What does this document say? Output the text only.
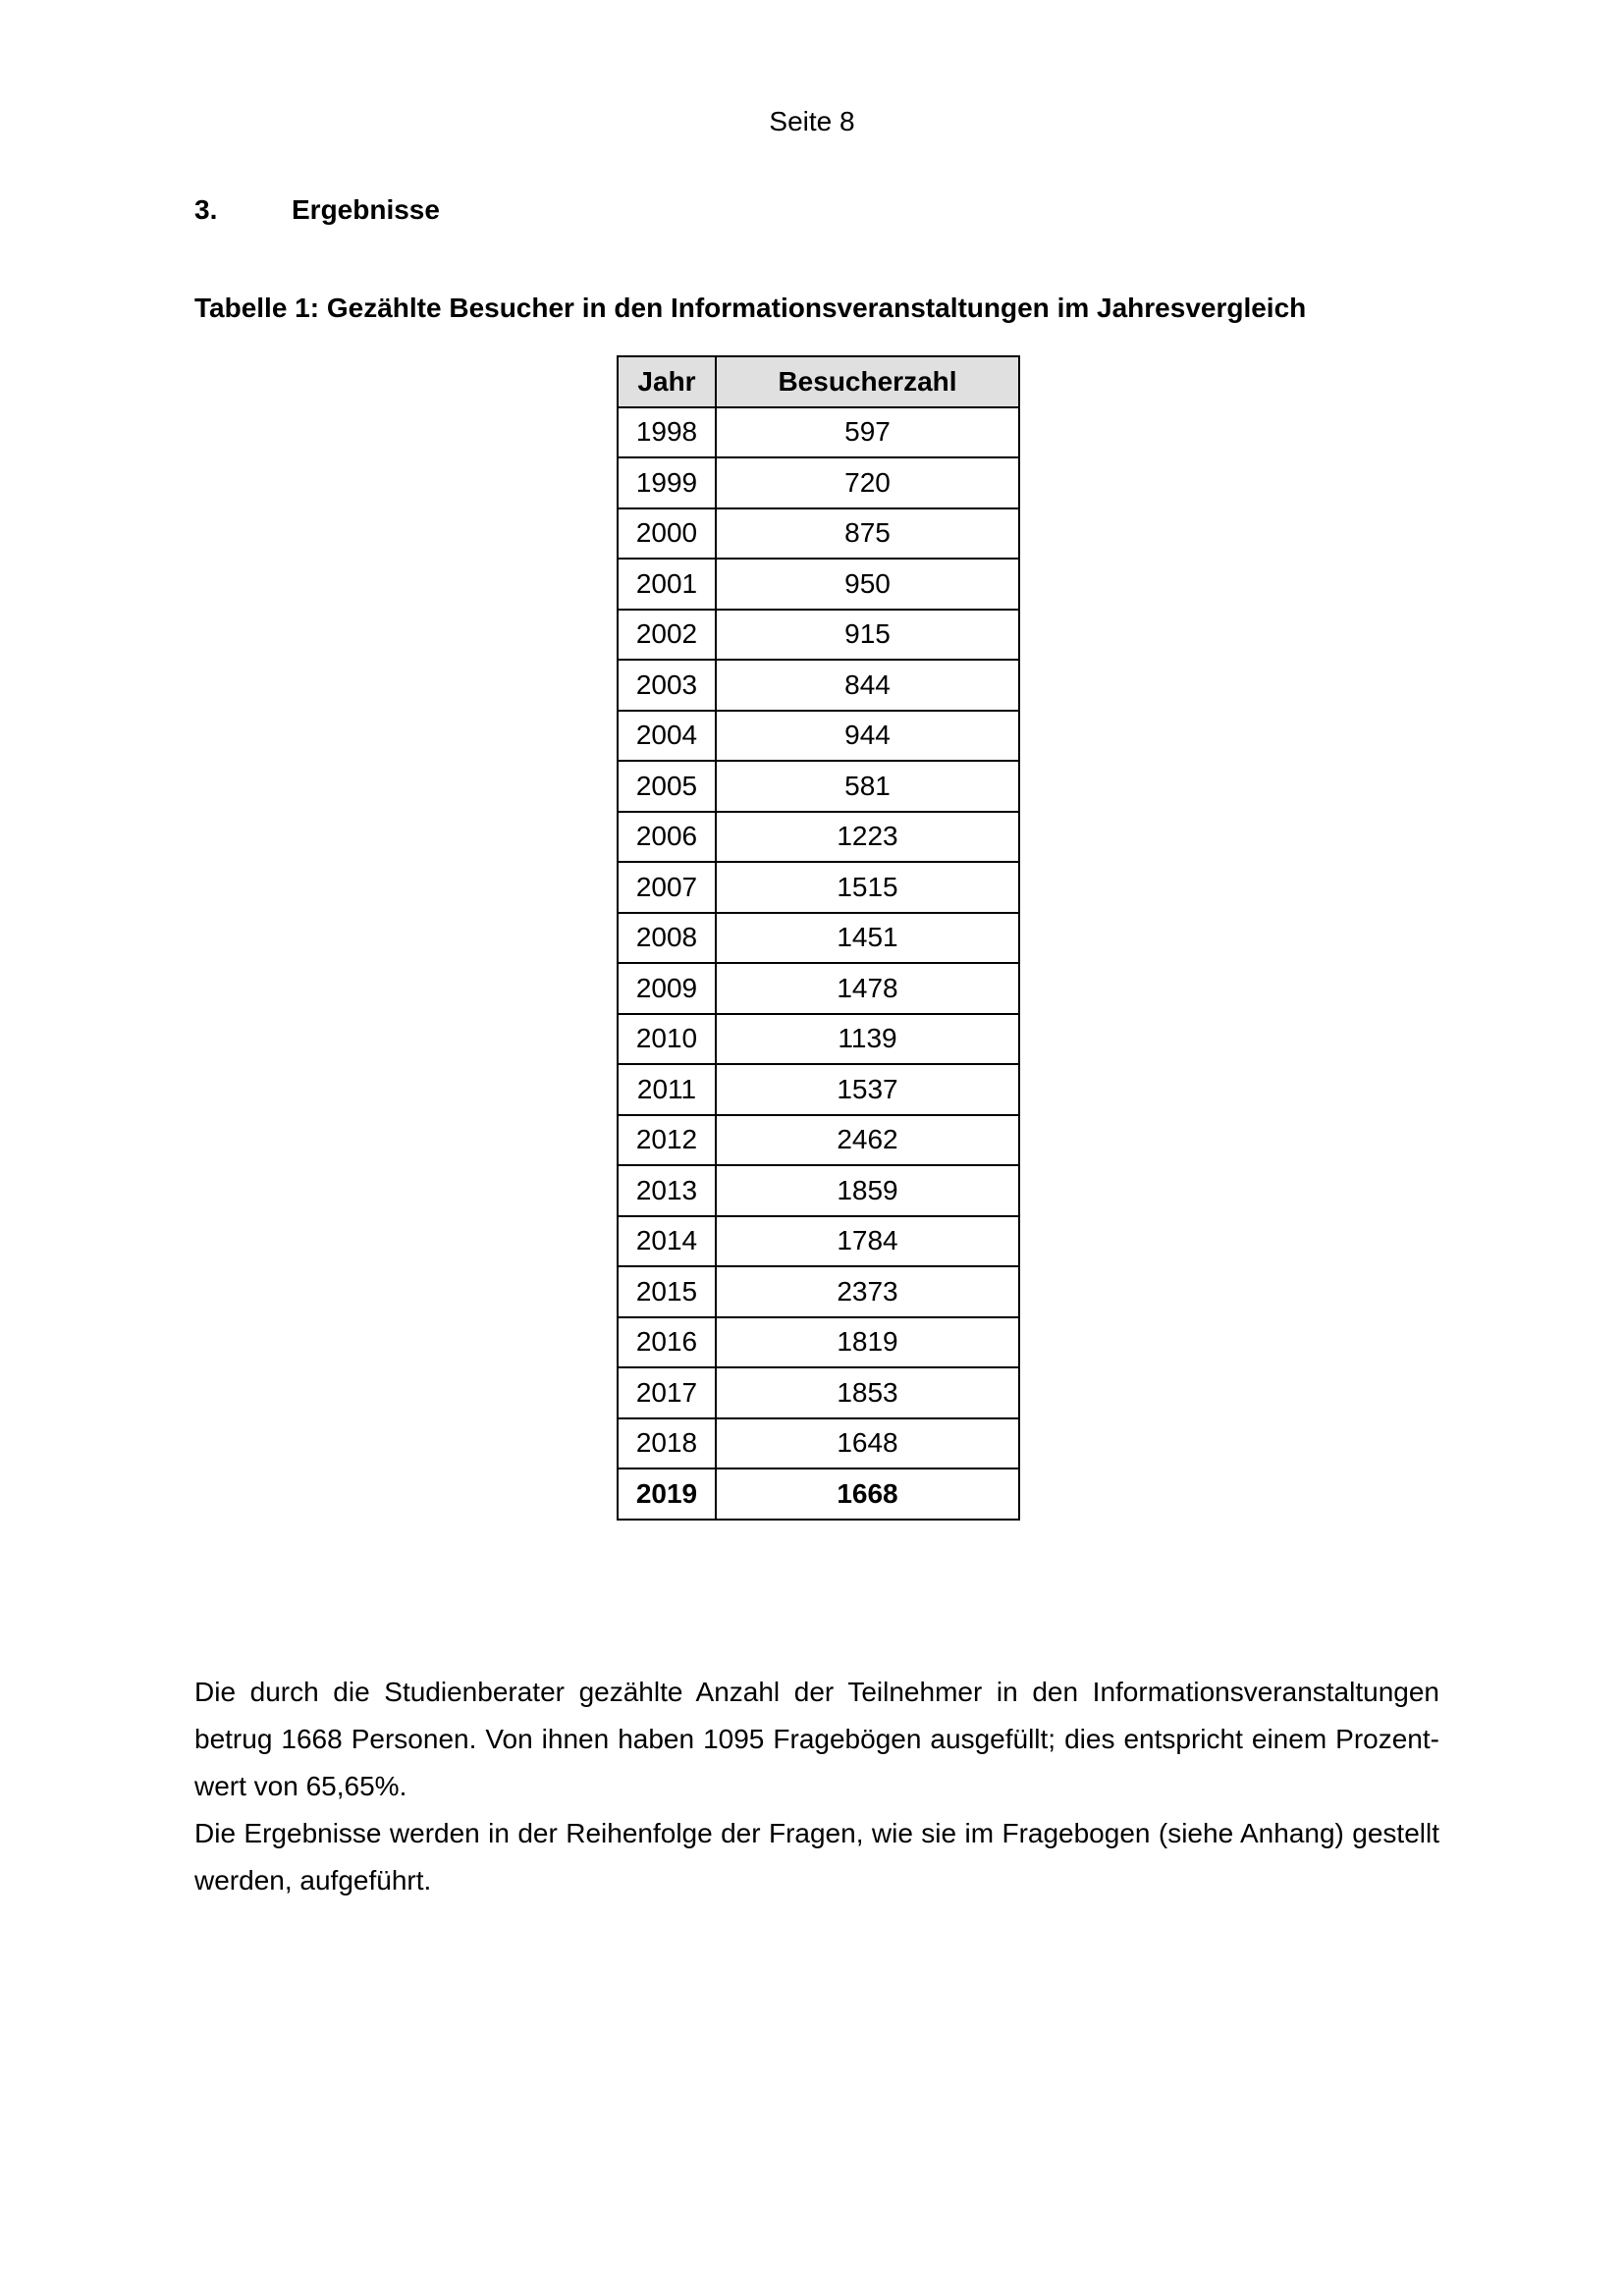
Seite 8
3.	Ergebnisse
Tabelle 1: Gezählte Besucher in den Informationsveranstaltungen im Jahresvergleich
Jahr	Besucherzahl
1998	597
1999	720
2000	875
2001	950
2002	915
2003	844
2004	944
2005	581
2006	1223
2007	1515
2008	1451
2009	1478
2010	1139
2011	1537
2012	2462
2013	1859
2014	1784
2015	2373
2016	1819
2017	1853
2018	1648
2019	1668

Die durch die Studienberater gezählte Anzahl der Teilnehmer in den Informationsveranstaltungen betrug 1668 Personen. Von ihnen haben 1095 Fragebögen ausgefüllt; dies entspricht einem Prozent-wert von 65,65%.

Die Ergebnisse werden in der Reihenfolge der Fragen, wie sie im Fragebogen (siehe Anhang) gestellt werden, aufgeführt.
